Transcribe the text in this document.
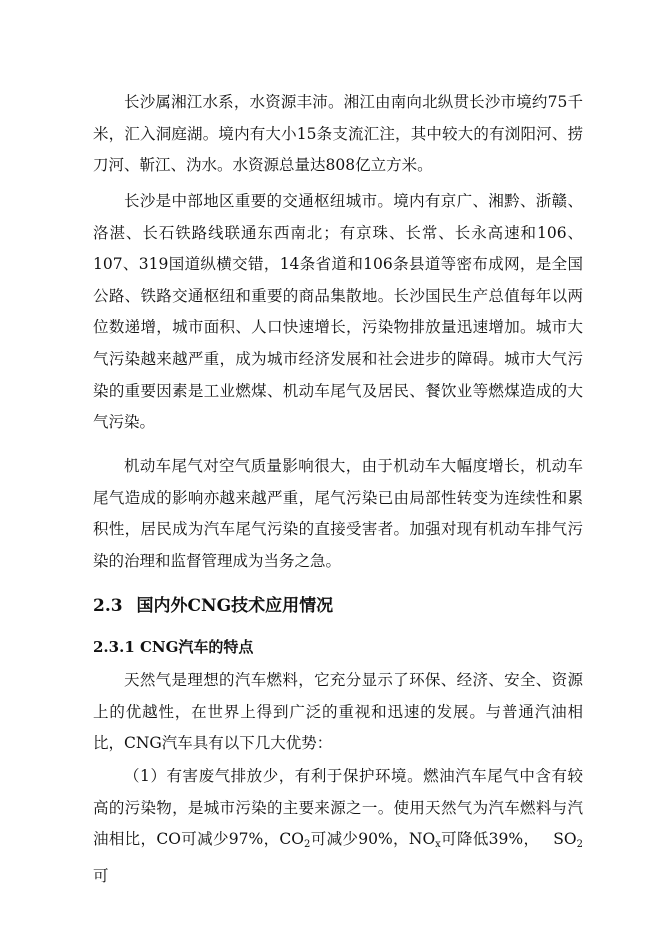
长沙属湘江水系，水资源丰沛。湘江由南向北纵贯长沙市境约75千米，汇入洞庭湖。境内有大小15条支流汇注，其中较大的有浏阳河、捞刀河、靳江、沩水。水资源总量达808亿立方米。

长沙是中部地区重要的交通枢纽城市。境内有京广、湘黔、浙赣、洛湛、长石铁路线联通东西南北；有京珠、长常、长永高速和106、107、319国道纵横交错，14条省道和106条县道等密布成网，是全国公路、铁路交通枢纽和重要的商品集散地。长沙国民生产总值每年以两位数递增，城市面积、人口快速增长，污染物排放量迅速增加。城市大气污染越来越严重，成为城市经济发展和社会进步的障碍。城市大气污染的重要因素是工业燃煤、机动车尾气及居民、餐饮业等燃煤造成的大气污染。

机动车尾气对空气质量影响很大，由于机动车大幅度增长，机动车尾气造成的影响亦越来越严重，尾气污染已由局部性转变为连续性和累积性，居民成为汽车尾气污染的直接受害者。加强对现有机动车排气污染的治理和监督管理成为当务之急。

2.3 国内外CNG技术应用情况
2.3.1 CNG汽车的特点

天然气是理想的汽车燃料，它充分显示了环保、经济、安全、资源上的优越性，在世界上得到广泛的重视和迅速的发展。与普通汽油相比，CNG汽车具有以下几大优势：

（1）有害废气排放少，有利于保护环境。燃油汽车尾气中含有较高的污染物，是城市污染的主要来源之一。使用天然气为汽车燃料与汽油相比，CO可减少97%，$CO_2$可减少90%，$NO_x$可降低39%， $SO_2$可
